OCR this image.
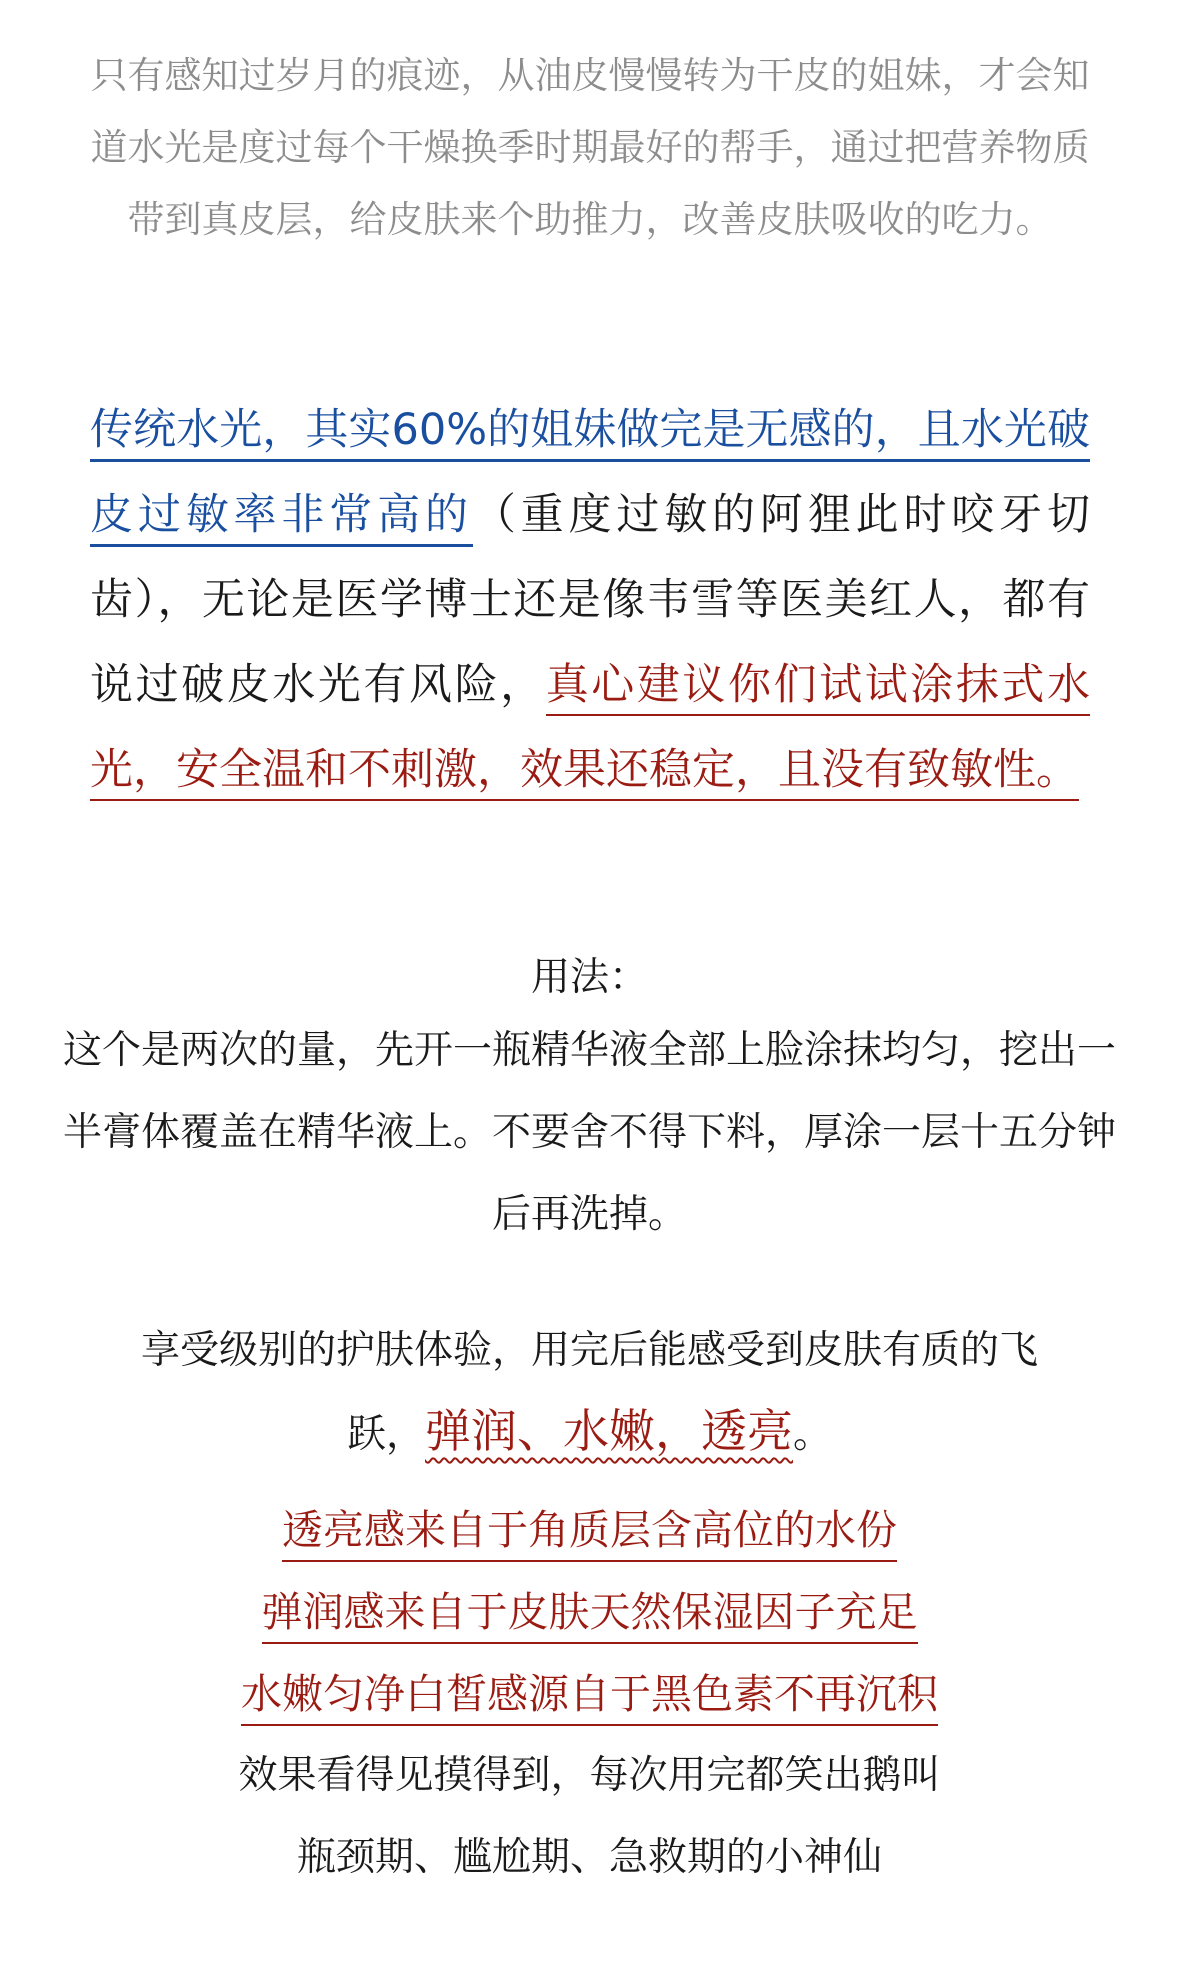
只有感知过岁月的痕迹，从油皮慢慢转为干皮的姐妹，才会知道水光是度过每个干燥换季时期最好的帮手，通过把营养物质带到真皮层，给皮肤来个助推力，改善皮肤吸收的吃力。

传统水光，其实60%的姐妹做完是无感的，且水光破皮过敏率非常高的（重度过敏的阿狸此时咬牙切齿），无论是医学博士还是像韦雪等医美红人，都有说过破皮水光有风险，真心建议你们试试涂抹式水光，安全温和不刺激，效果还稳定，且没有致敏性。

用法：

这个是两次的量，先开一瓶精华液全部上脸涂抹均匀，挖出一半膏体覆盖在精华液上。不要舍不得下料，厚涂一层十五分钟后再洗掉。

享受级别的护肤体验，用完后能感受到皮肤有质的飞

跃，弹润、水嫩，透亮。

透亮感来自于角质层含高位的水份

弹润感来自于皮肤天然保湿因子充足

水嫩匀净白皙感源自于黑色素不再沉积

效果看得见摸得到，每次用完都笑出鹅叫

瓶颈期、尴尬期、急救期的小神仙
